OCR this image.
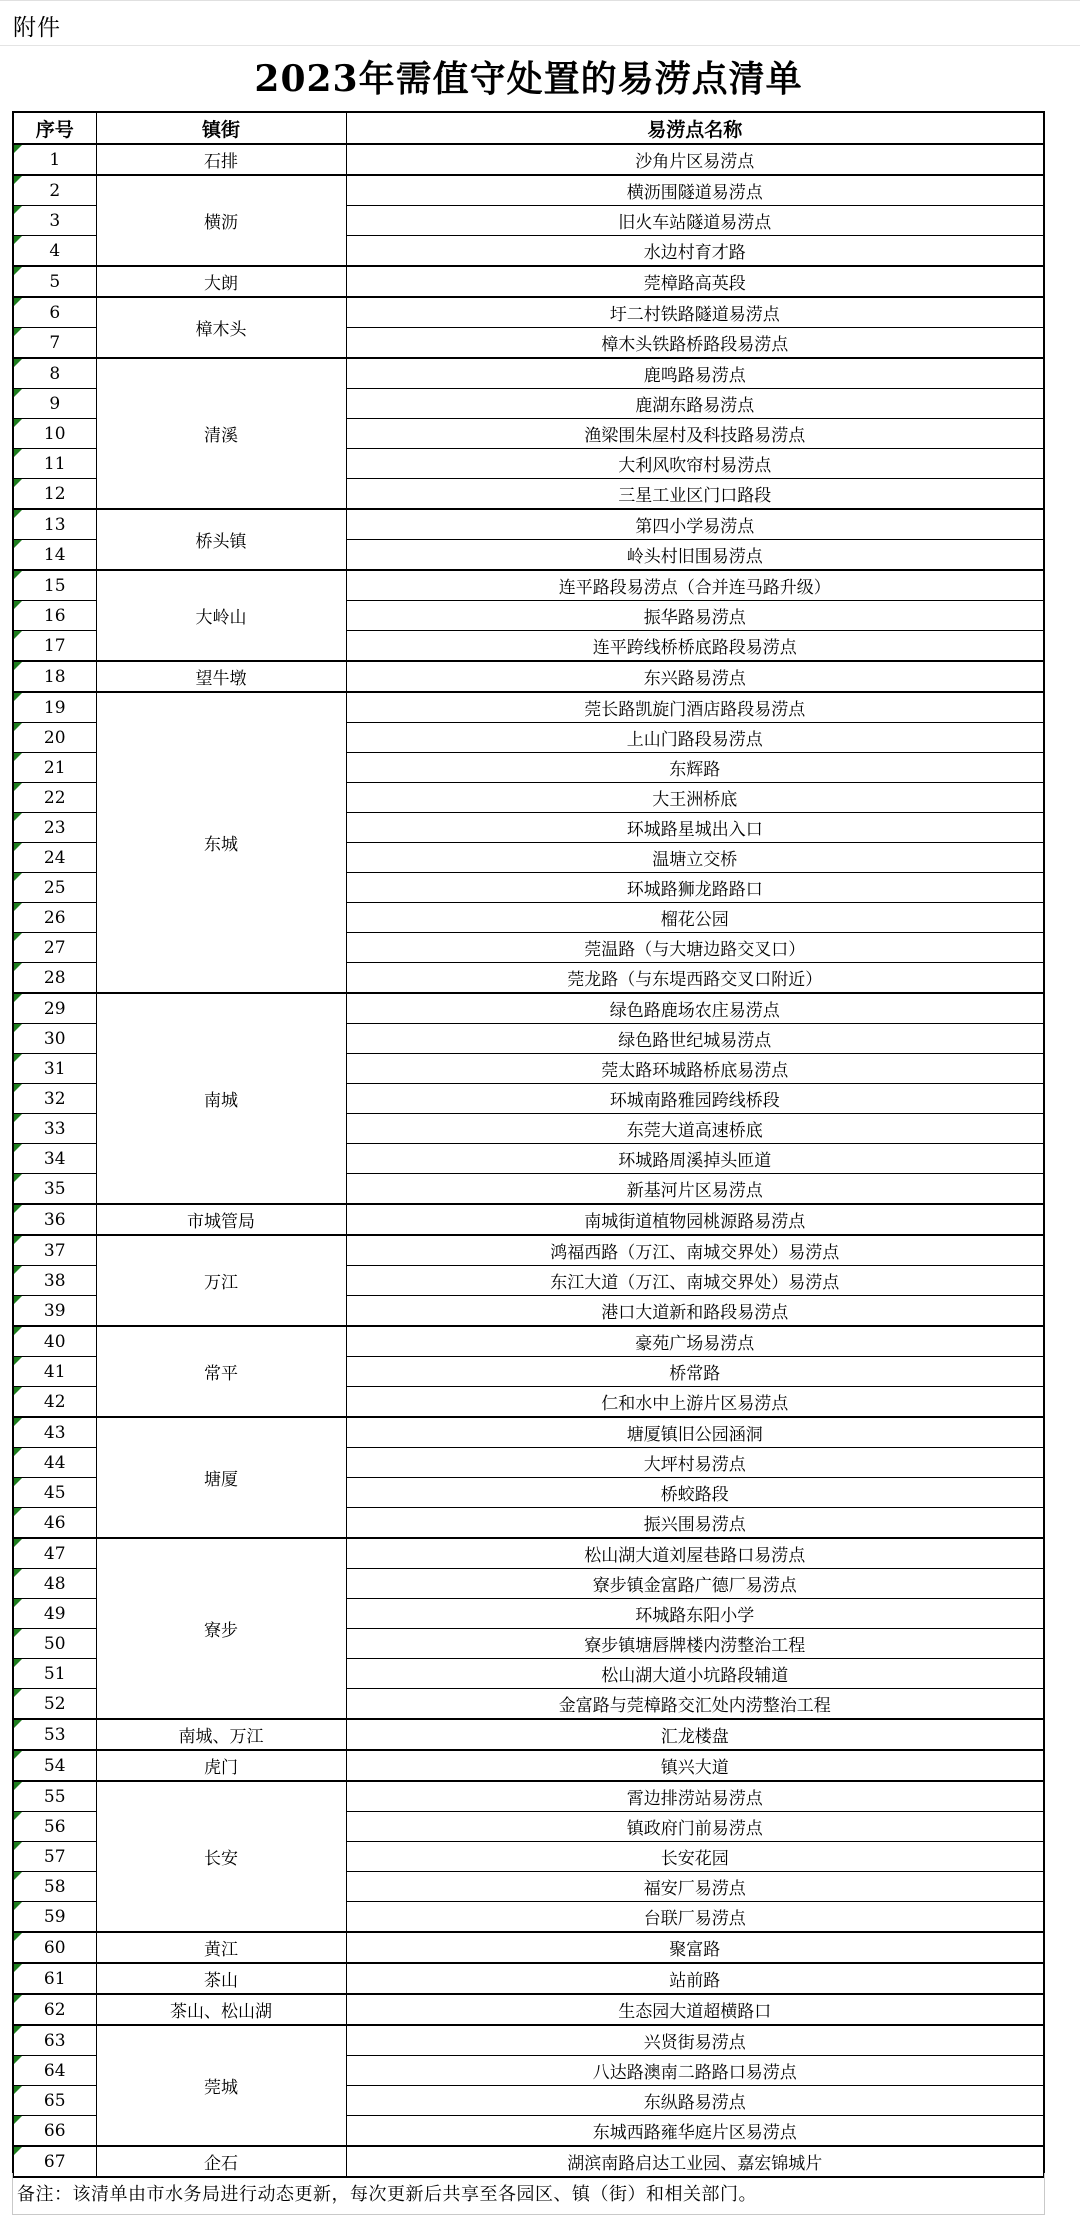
附件
2023年需值守处置的易涝点清单
序号	镇街	易涝点名称

1	石排	沙角片区易涝点

2	横沥	横沥围隧道易涝点

3		旧火车站隧道易涝点

4		水边村育才路

5	大朗	莞樟路高英段

6	樟木头	圩二村铁路隧道易涝点

7		樟木头铁路桥路段易涝点

8	清溪	鹿鸣路易涝点

9		鹿湖东路易涝点

10		渔梁围朱屋村及科技路易涝点

11		大利风吹帘村易涝点

12		三星工业区门口路段

13	桥头镇	第四小学易涝点

14		岭头村旧围易涝点

15	大岭山	连平路段易涝点（合并连马路升级）

16		振华路易涝点

17		连平跨线桥桥底路段易涝点

18	望牛墩	东兴路易涝点

19	东城	莞长路凯旋门酒店路段易涝点

20		上山门路段易涝点

21		东辉路

22		大王洲桥底

23		环城路星城出入口

24		温塘立交桥

25		环城路狮龙路路口

26		榴花公园

27		莞温路（与大塘边路交叉口）

28		莞龙路（与东堤西路交叉口附近）

29	南城	绿色路鹿场农庄易涝点

30		绿色路世纪城易涝点

31		莞太路环城路桥底易涝点

32		环城南路雅园跨线桥段

33		东莞大道高速桥底

34		环城路周溪掉头匝道

35		新基河片区易涝点

36	市城管局	南城街道植物园桃源路易涝点

37	万江	鸿福西路（万江、南城交界处）易涝点

38		东江大道（万江、南城交界处）易涝点

39		港口大道新和路段易涝点

40	常平	豪苑广场易涝点

41		桥常路

42		仁和水中上游片区易涝点

43	塘厦	塘厦镇旧公园涵洞

44		大坪村易涝点

45		桥蛟路段

46		振兴围易涝点

47	寮步	松山湖大道刘屋巷路口易涝点

48		寮步镇金富路广德厂易涝点

49		环城路东阳小学

50		寮步镇塘唇牌楼内涝整治工程

51		松山湖大道小坑路段辅道

52		金富路与莞樟路交汇处内涝整治工程

53	南城、万江	汇龙楼盘

54	虎门	镇兴大道

55	长安	霄边排涝站易涝点

56		镇政府门前易涝点

57		长安花园

58		福安厂易涝点

59		台联厂易涝点

60	黄江	聚富路

61	茶山	站前路

62	茶山、松山湖	生态园大道超横路口

63	莞城	兴贤街易涝点

64		八达路澳南二路路口易涝点

65		东纵路易涝点

66		东城西路雍华庭片区易涝点

67	企石	湖滨南路启达工业园、嘉宏锦城片
备注：该清单由市水务局进行动态更新，每次更新后共享至各园区、镇（街）和相关部门。
